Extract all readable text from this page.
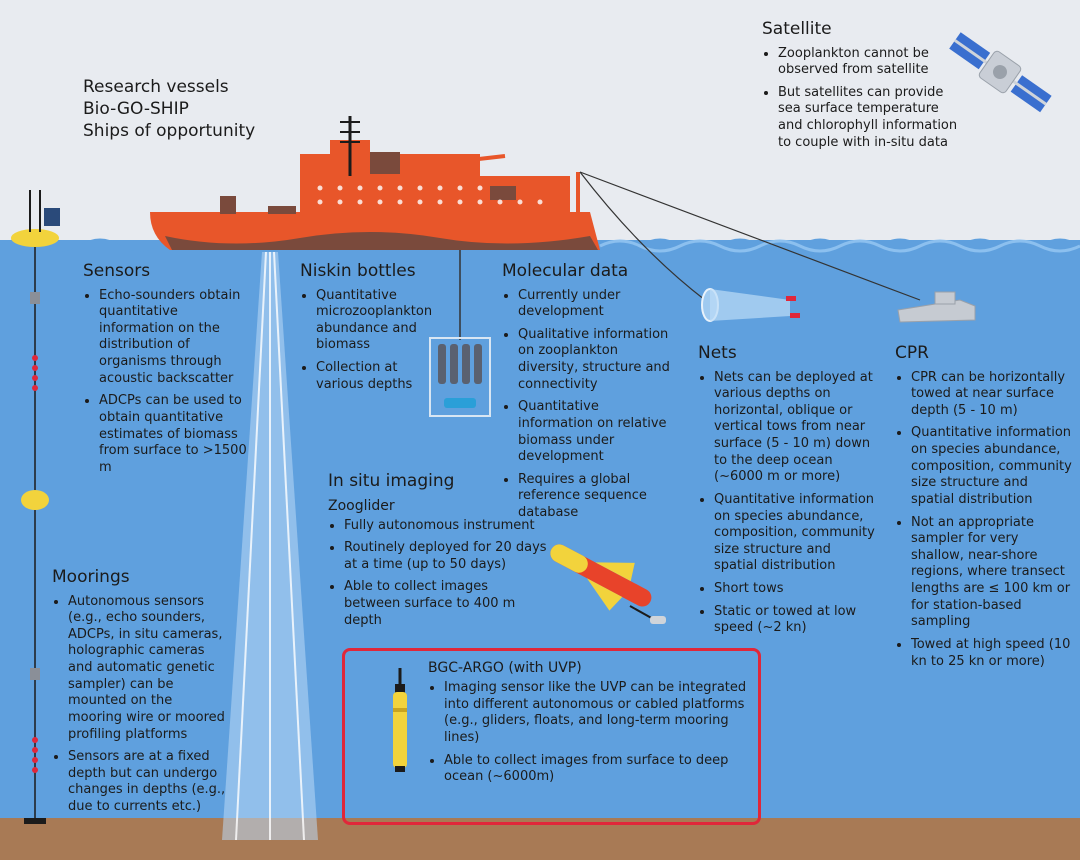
Research vessels
Bio-GO-SHIP
Ships of opportunity
Satellite
• Zooplankton cannot be observed from satellite
• But satellites can provide sea surface temperature and chlorophyll information to couple with in-situ data
Sensors
• Echo-sounders obtain quantitative information on the distribution of organisms through acoustic backscatter
• ADCPs can be used to obtain quantitative estimates of biomass from surface to >1500 m
Niskin bottles
• Quantitative microzooplankton abundance and biomass
• Collection at various depths
Molecular data
• Currently under development
• Qualitative information on zooplankton diversity, structure and connectivity
• Quantitative information on relative biomass under development
• Requires a global reference sequence database
Nets
• Nets can be deployed at various depths on horizontal, oblique or vertical tows from near surface (5 - 10 m) down to the deep ocean (~6000 m or more)
• Quantitative information on species abundance, composition, community size structure and spatial distribution
• Short tows
• Static or towed at low speed (~2 kn)
CPR
• CPR can be horizontally towed at near surface depth (5 - 10 m)
• Quantitative information on species abundance, composition, community size structure and spatial distribution
• Not an appropriate sampler for very shallow, near-shore regions, where transect lengths are ≤ 100 km or for station-based sampling
• Towed at high speed (10 kn to 25 kn or more)
In situ imaging
Zooglider
• Fully autonomous instrument
• Routinely deployed for 20 days at a time (up to 50 days)
• Able to collect images between surface to 400 m depth
Moorings
• Autonomous sensors (e.g., echo sounders, ADCPs, in situ cameras, holographic cameras and automatic genetic sampler) can be mounted on the mooring wire or moored profiling platforms
• Sensors are at a fixed depth but can undergo changes in depths (e.g., due to currents etc.)
BGC-ARGO (with UVP)
• Imaging sensor like the UVP can be integrated into different autonomous or cabled platforms (e.g., gliders, floats, and long-term mooring lines)
• Able to collect images from surface to deep ocean (~6000m)
